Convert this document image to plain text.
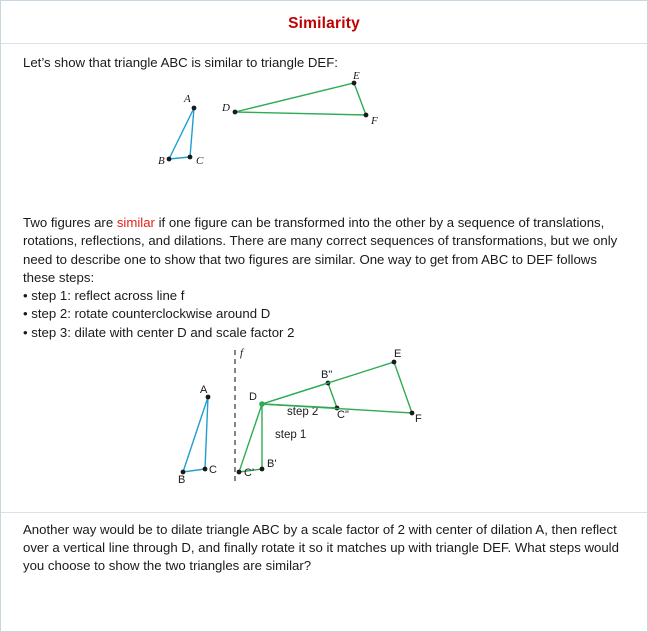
Similarity
Let’s show that triangle ABC is similar to triangle DEF:
A
B	C
D
E
F
Two figures are similar if one figure can be transformed into the other by a sequence of translations, rotations, reflections, and dilations. There are many correct sequences of transformations, but we only need to describe one to show that two figures are similar. One way to get from ABC to DEF follows these steps:
• step 1: reflect across line f
• step 2: rotate counterclockwise around D
• step 3: dilate with center D and scale factor 2
f
A
B
C C'
B'
step 1
B"
C"
step 2
E
F
D
Another way would be to dilate triangle ABC by a scale factor of 2 with center of dilation A, then reflect over a vertical line through D, and finally rotate it so it matches up with triangle DEF. What steps would you choose to show the two triangles are similar?
